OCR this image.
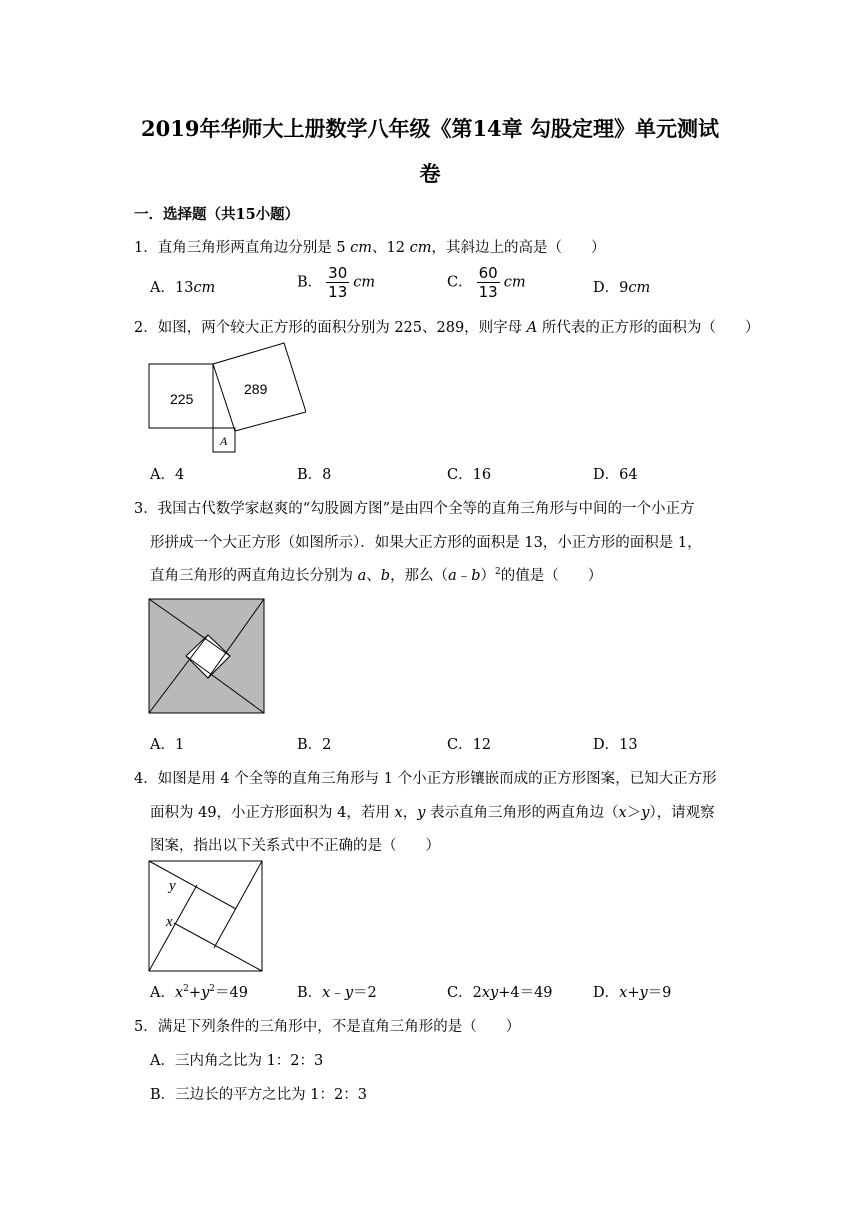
2019年华师大上册数学八年级《第14章 勾股定理》单元测试
卷
一．选择题（共15小题）
1．直角三角形两直角边分别是 5 cm、12 cm，其斜边上的高是（　　）
A．13cm	B． $\frac{30}{13}$ cm	C． $\frac{60}{13}$ cm	D．9cm
2．如图，两个较大正方形的面积分别为 225、289，则字母 A 所代表的正方形的面积为（　　）
225
289
A
A．4	B．8	C．16	D．64
3．我国古代数学家赵爽的“勾股圆方图”是由四个全等的直角三角形与中间的一个小正方
形拼成一个大正方形（如图所示）．如果大正方形的面积是 13，小正方形的面积是 1，
直角三角形的两直角边长分别为 a、b，那么（a﹣b）$^2$的值是（　　）
A．1	B．2	C．12	D．13
4．如图是用 4 个全等的直角三角形与 1 个小正方形镶嵌而成的正方形图案，已知大正方形
面积为 49，小正方形面积为 4，若用 x，y 表示直角三角形的两直角边（x＞y），请观察
图案，指出以下关系式中不正确的是（　　）
y
x
A．$x^2+y^2=49$	B．x﹣y＝2	C．2xy+4＝49	D．x+y＝9
5．满足下列条件的三角形中，不是直角三角形的是（　　）
A．三内角之比为 1：2：3
B．三边长的平方之比为 1：2：3
